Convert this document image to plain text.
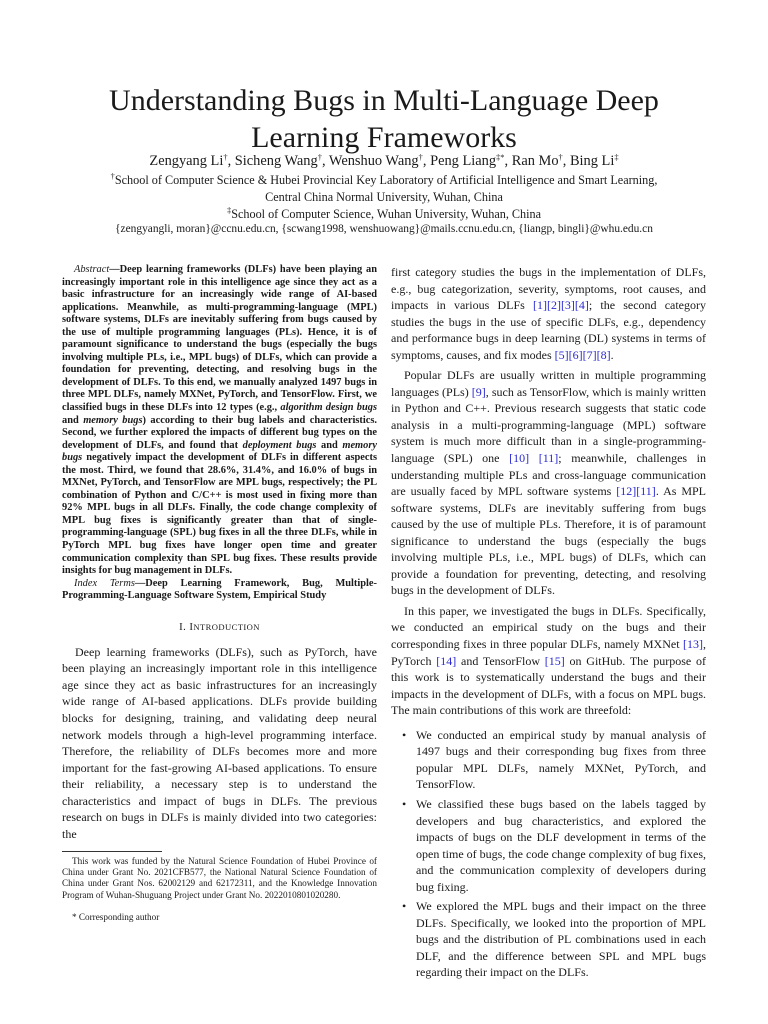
Understanding Bugs in Multi-Language Deep Learning Frameworks
Zengyang Li†, Sicheng Wang†, Wenshuo Wang†, Peng Liang‡*, Ran Mo†, Bing Li‡
†School of Computer Science & Hubei Provincial Key Laboratory of Artificial Intelligence and Smart Learning,
Central China Normal University, Wuhan, China
‡School of Computer Science, Wuhan University, Wuhan, China
{zengyangli, moran}@ccnu.edu.cn, {scwang1998, wenshuowang}@mails.ccnu.edu.cn, {liangp, bingli}@whu.edu.cn

Abstract—Deep learning frameworks (DLFs) have been playing an increasingly important role in this intelligence age since they act as a basic infrastructure for an increasingly wide range of AI-based applications. Meanwhile, as multi-programming-language (MPL) software systems, DLFs are inevitably suffering from bugs caused by the use of multiple programming languages (PLs). Hence, it is of paramount significance to understand the bugs (especially the bugs involving multiple PLs, i.e., MPL bugs) of DLFs, which can provide a foundation for preventing, detecting, and resolving bugs in the development of DLFs. To this end, we manually analyzed 1497 bugs in three MPL DLFs, namely MXNet, PyTorch, and TensorFlow. First, we classified bugs in these DLFs into 12 types (e.g., algorithm design bugs and memory bugs) according to their bug labels and characteristics. Second, we further explored the impacts of different bug types on the development of DLFs, and found that deployment bugs and memory bugs negatively impact the development of DLFs in different aspects the most. Third, we found that 28.6%, 31.4%, and 16.0% of bugs in MXNet, PyTorch, and TensorFlow are MPL bugs, respectively; the PL combination of Python and C/C++ is most used in fixing more than 92% MPL bugs in all DLFs. Finally, the code change complexity of MPL bug fixes is significantly greater than that of single-programming-language (SPL) bug fixes in all the three DLFs, while in PyTorch MPL bug fixes have longer open time and greater communication complexity than SPL bug fixes. These results provide insights for bug management in DLFs.

Index Terms—Deep Learning Framework, Bug, Multiple-Programming-Language Software System, Empirical Study

I. INTRODUCTION

Deep learning frameworks (DLFs), such as PyTorch, have been playing an increasingly important role in this intelligence age since they act as basic infrastructures for an increasingly wide range of AI-based applications. DLFs provide building blocks for designing, training, and validating deep neural network models through a high-level programming interface. Therefore, the reliability of DLFs becomes more and more important for the fast-growing AI-based applications. To ensure their reliability, a necessary step is to understand the characteristics and impact of bugs in DLFs. The previous research on bugs in DLFs is mainly divided into two categories: the

This work was funded by the Natural Science Foundation of Hubei Province of China under Grant No. 2021CFB577, the National Natural Science Foundation of China under Grant Nos. 62002129 and 62172311, and the Knowledge Innovation Program of Wuhan-Shuguang Project under Grant No. 2022010801020280.

* Corresponding author

first category studies the bugs in the implementation of DLFs, e.g., bug categorization, severity, symptoms, root causes, and impacts in various DLFs [1][2][3][4]; the second category studies the bugs in the use of specific DLFs, e.g., dependency and performance bugs in deep learning (DL) systems in terms of symptoms, causes, and fix modes [5][6][7][8].

Popular DLFs are usually written in multiple programming languages (PLs) [9], such as TensorFlow, which is mainly written in Python and C++. Previous research suggests that static code analysis in a multi-programming-language (MPL) software system is much more difficult than in a single-programming-language (SPL) one [10] [11]; meanwhile, challenges in understanding multiple PLs and cross-language communication are usually faced by MPL software systems [12][11]. As MPL software systems, DLFs are inevitably suffering from bugs caused by the use of multiple PLs. Therefore, it is of paramount significance to understand the bugs (especially the bugs involving multiple PLs, i.e., MPL bugs) of DLFs, which can provide a foundation for preventing, detecting, and resolving bugs in the development of DLFs.

In this paper, we investigated the bugs in DLFs. Specifically, we conducted an empirical study on the bugs and their corresponding fixes in three popular DLFs, namely MXNet [13], PyTorch [14] and TensorFlow [15] on GitHub. The purpose of this work is to systematically understand the bugs and their impacts in the development of DLFs, with a focus on MPL bugs. The main contributions of this work are threefold:

• We conducted an empirical study by manual analysis of 1497 bugs and their corresponding bug fixes from three popular MPL DLFs, namely MXNet, PyTorch, and TensorFlow.
• We classified these bugs based on the labels tagged by developers and bug characteristics, and explored the impacts of bugs on the DLF development in terms of the open time of bugs, the code change complexity of bug fixes, and the communication complexity of developers during bug fixing.
• We explored the MPL bugs and their impact on the three DLFs. Specifically, we looked into the proportion of MPL bugs and the distribution of PL combinations used in each DLF, and the difference between SPL and MPL bugs regarding their impact on the DLFs.
